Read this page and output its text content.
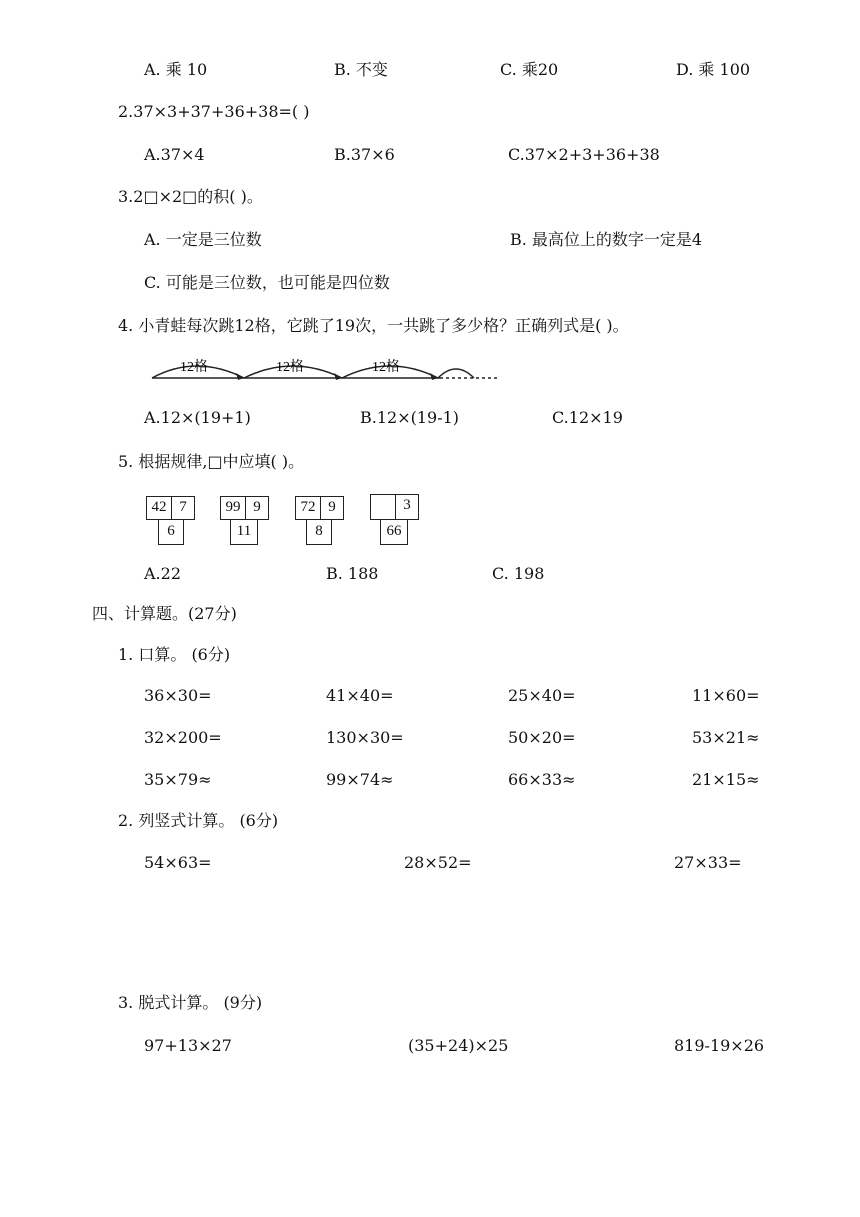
A. 乘 10	B. 不变	C. 乘20	D. 乘 100
2.37×3+37+36+38=( )
A.37×4	B.37×6	C.37×2+3+36+38
3.2□×2□的积( )。
A. 一定是三位数	B. 最高位上的数字一定是4
C. 可能是三位数，也可能是四位数
4. 小青蛙每次跳12格，它跳了19次，一共跳了多少格？正确列式是( )。
12格	12格	12格
A.12×(19+1)	B.12×(19-1)	C.12×19
5. 根据规律,□中应填( )。
42 7
6
99 9
11
72 9
8
3
66
A.22	B. 188	C. 198
四、计算题。(27分)
1. 口算。 (6分)
36×30=	41×40=	25×40=	11×60=
32×200=	130×30=	50×20=	53×21≈
35×79≈	99×74≈	66×33≈	21×15≈
2. 列竖式计算。 (6分)
54×63=	28×52=	27×33=
3. 脱式计算。 (9分)
97+13×27	(35+24)×25	819-19×26
